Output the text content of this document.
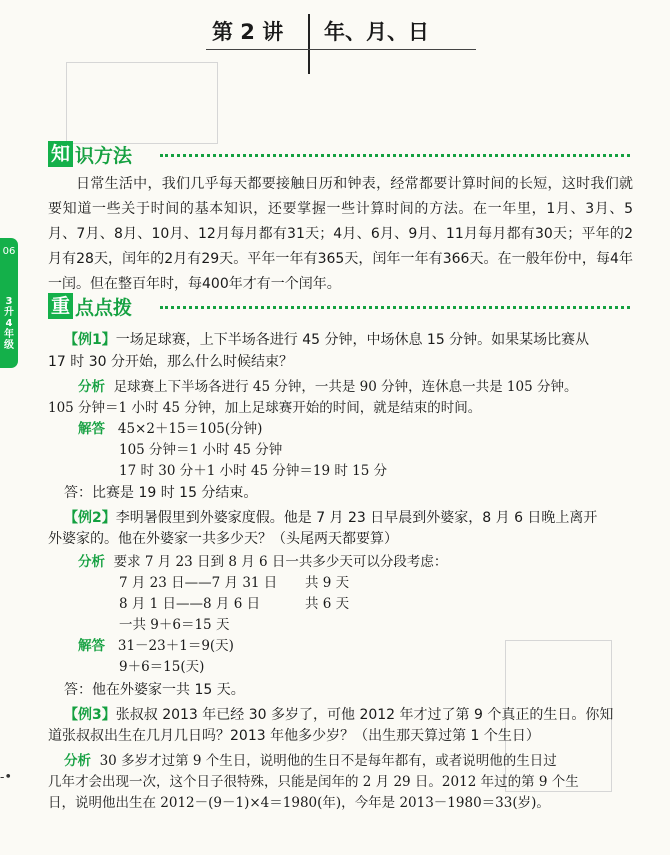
第 2 讲 年、月、日
06
3升4年级
知 识方法
日常生活中，我们几乎每天都要接触日历和钟表，经常都要计算时间的长短，这时我们就要知道一些关于时间的基本知识，还要掌握一些计算时间的方法。在一年里，1月、3月、5月、7月、8月、10月、12月每月都有31天；4月、6月、9月、11月每月都有30天；平年的2月有28天，闰年的2月有29天。平年一年有365天，闰年一年有366天。在一般年份中，每4年一闰。但在整百年时，每400年才有一个闰年。
重 点点拨
【例1】一场足球赛，上下半场各进行 45 分钟，中场休息 15 分钟。如果某场比赛从
17 时 30 分开始，那么什么时候结束？
分析 足球赛上下半场各进行 45 分钟，一共是 90 分钟，连休息一共是 105 分钟。
105 分钟＝1 小时 45 分钟，加上足球赛开始的时间，就是结束的时间。
解答 45×2＋15＝105(分钟)
105 分钟＝1 小时 45 分钟
17 时 30 分＋1 小时 45 分钟＝19 时 15 分
答：比赛是 19 时 15 分结束。
【例2】李明暑假里到外婆家度假。他是 7 月 23 日早晨到外婆家，8 月 6 日晚上离开
外婆家的。他在外婆家一共多少天？（头尾两天都要算）
分析 要求 7 月 23 日到 8 月 6 日一共多少天可以分段考虑：
7 月 23 日——7 月 31 日 共 9 天
8 月 1 日——8 月 6 日	共 6 天
一共 9＋6＝15 天
解答 31－23＋1＝9(天)
9＋6＝15(天)
答：他在外婆家一共 15 天。
【例3】张叔叔 2013 年已经 30 多岁了，可他 2012 年才过了第 9 个真正的生日。你知
道张叔叔出生在几月几日吗？2013 年他多少岁？（出生那天算过第 1 个生日）
分析 30 多岁才过第 9 个生日，说明他的生日不是每年都有，或者说明他的生日过
几年才会出现一次，这个日子很特殊，只能是闰年的 2 月 29 日。2012 年过的第 9 个生
日，说明他出生在 2012－(9－1)×4＝1980(年)，今年是 2013－1980＝33(岁)。
-•
